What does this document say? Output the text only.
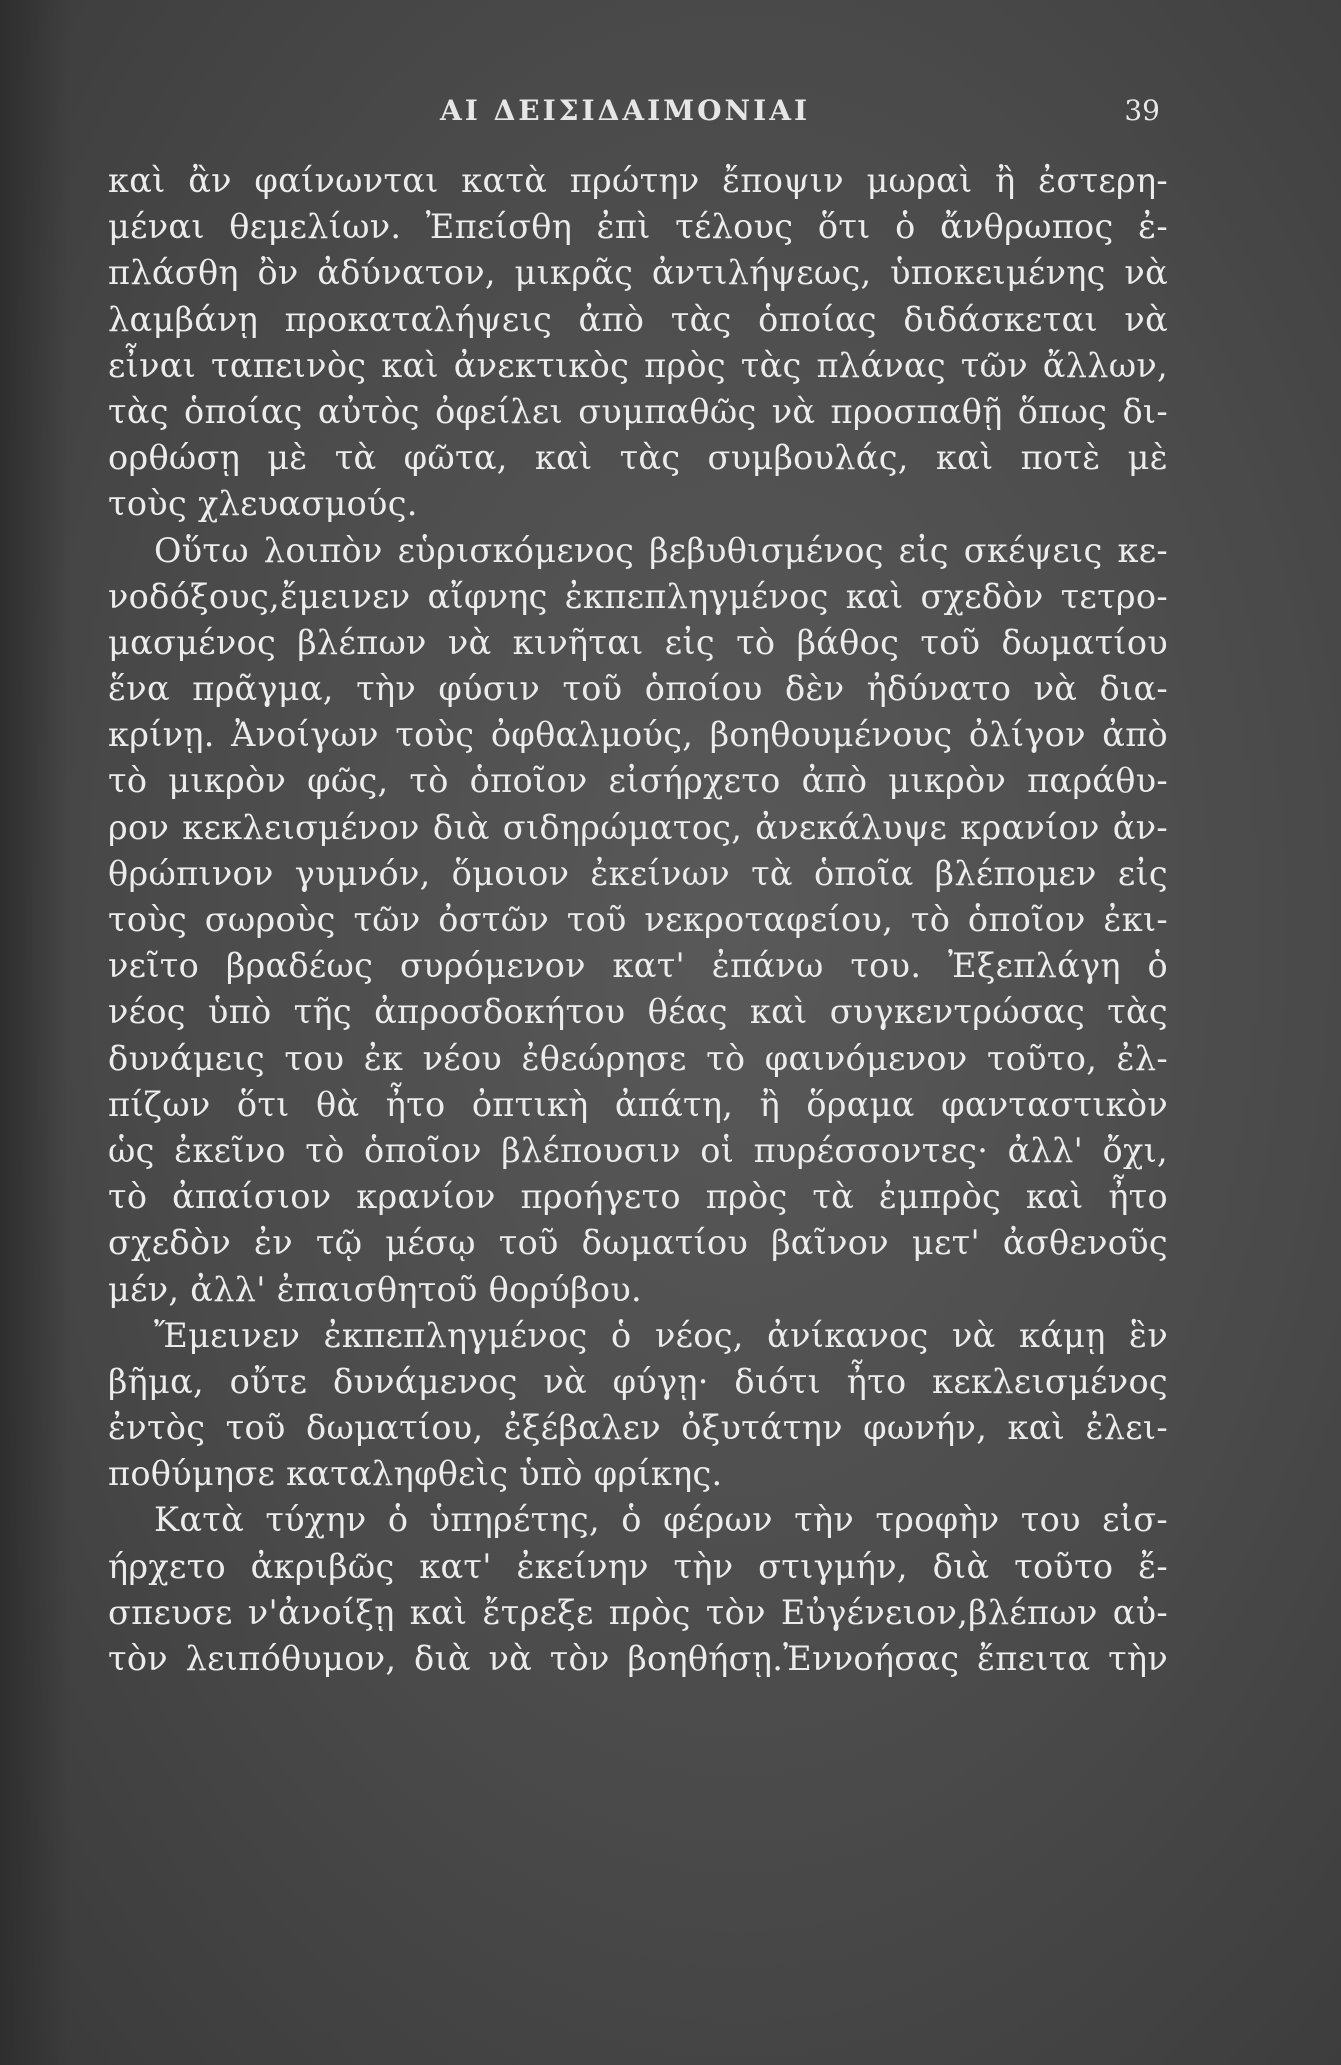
ΑΙ ΔΕΙΣΙΔΑΙΜΟΝΙΑΙ	39
καὶ ἂν φαίνωνται κατὰ πρώτην ἔποψιν μωραὶ ἢ ἐστερη-
μέναι θεμελίων. Ἐπείσθη ἐπὶ τέλους ὅτι ὁ ἄνθρωπος ἐ-
πλάσθη ὂν ἀδύνατον, μικρᾶς ἀντιλήψεως, ὑποκειμένης νὰ
λαμβάνῃ προκαταλήψεις ἀπὸ τὰς ὁποίας διδάσκεται νὰ
εἶναι ταπεινὸς καὶ ἀνεκτικὸς πρὸς τὰς πλάνας τῶν ἄλλων,
τὰς ὁποίας αὐτὸς ὀφείλει συμπαθῶς νὰ προσπαθῇ ὅπως δι-
ορθώσῃ μὲ τὰ φῶτα, καὶ τὰς συμβουλάς, καὶ ποτὲ μὲ
τοὺς χλευασμούς.
Οὕτω λοιπὸν εὑρισκόμενος βεβυθισμένος εἰς σκέψεις κε-
νοδόξους,ἔμεινεν αἴφνης ἐκπεπληγμένος καὶ σχεδὸν τετρο-
μασμένος βλέπων νὰ κινῆται εἰς τὸ βάθος τοῦ δωματίου
ἕνα πρᾶγμα, τὴν φύσιν τοῦ ὁποίου δὲν ἠδύνατο νὰ δια-
κρίνῃ. Ἀνοίγων τοὺς ὀφθαλμούς, βοηθουμένους ὀλίγον ἀπὸ
τὸ μικρὸν φῶς, τὸ ὁποῖον εἰσήρχετο ἀπὸ μικρὸν παράθυ-
ρον κεκλεισμένον διὰ σιδηρώματος, ἀνεκάλυψε κρανίον ἀν-
θρώπινον γυμνόν, ὅμοιον ἐκείνων τὰ ὁποῖα βλέπομεν εἰς
τοὺς σωροὺς τῶν ὀστῶν τοῦ νεκροταφείου, τὸ ὁποῖον ἐκι-
νεῖτο βραδέως συρόμενον κατ' ἐπάνω του. Ἐξεπλάγη ὁ
νέος ὑπὸ τῆς ἀπροσδοκήτου θέας καὶ συγκεντρώσας τὰς
δυνάμεις του ἐκ νέου ἐθεώρησε τὸ φαινόμενον τοῦτο, ἐλ-
πίζων ὅτι θὰ ἦτο ὀπτικὴ ἀπάτη, ἢ ὅραμα φανταστικὸν
ὡς ἐκεῖνο τὸ ὁποῖον βλέπουσιν οἱ πυρέσσοντες· ἀλλ' ὄχι,
τὸ ἀπαίσιον κρανίον προήγετο πρὸς τὰ ἐμπρὸς καὶ ἦτο
σχεδὸν ἐν τῷ μέσῳ τοῦ δωματίου βαῖνον μετ' ἀσθενοῦς
μέν, ἀλλ' ἐπαισθητοῦ θορύβου.
Ἔμεινεν ἐκπεπληγμένος ὁ νέος, ἀνίκανος νὰ κάμῃ ἓν
βῆμα, οὔτε δυνάμενος νὰ φύγῃ· διότι ἦτο κεκλεισμένος
ἐντὸς τοῦ δωματίου, ἐξέβαλεν ὀξυτάτην φωνήν, καὶ ἐλει-
ποθύμησε καταληφθεὶς ὑπὸ φρίκης.
Κατὰ τύχην ὁ ὑπηρέτης, ὁ φέρων τὴν τροφὴν του εἰσ-
ήρχετο ἀκριβῶς κατ' ἐκείνην τὴν στιγμήν, διὰ τοῦτο ἔ-
σπευσε ν'ἀνοίξῃ καὶ ἔτρεξε πρὸς τὸν Εὐγένειον,βλέπων αὐ-
τὸν λειπόθυμον, διὰ νὰ τὸν βοηθήσῃ.Ἐννοήσας ἔπειτα τὴν
